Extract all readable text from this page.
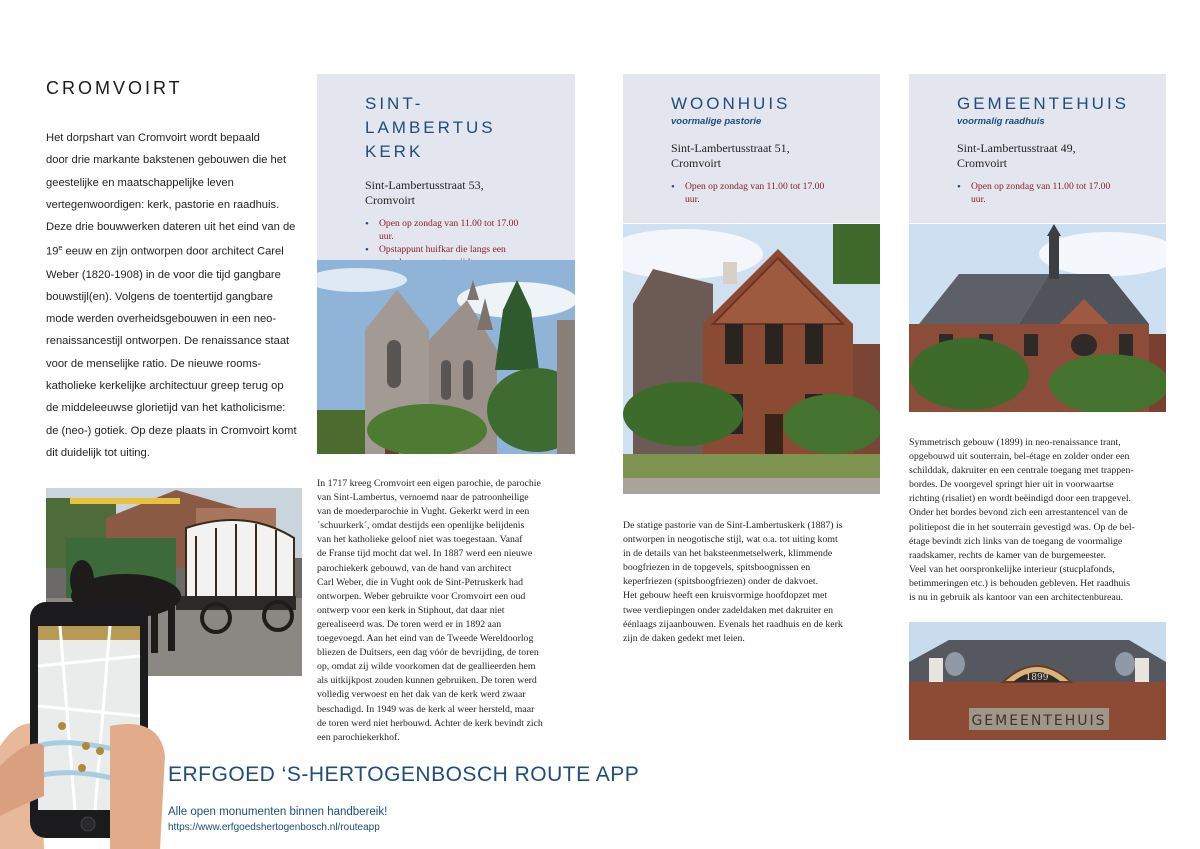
CROMVOIRT
Het dorpshart van Cromvoirt wordt bepaald
door drie markante bakstenen gebouwen die het
geestelijke en maatschappelijke leven
vertegenwoordigen: kerk, pastorie en raadhuis.
Deze drie bouwwerken dateren uit het eind van de
19e eeuw en zijn ontworpen door architect Carel
Weber (1820-1908) in de voor die tijd gangbare
bouwstijl(en). Volgens de toentertijd gangbare
mode werden overheidsgebouwen in een neo-
renaissancestijl ontworpen. De renaissance staat
voor de menselijke ratio. De nieuwe rooms-
katholieke kerkelijke architectuur greep terug op
de middeleeuwse glorietijd van het katholicisme:
de (neo-) gotiek. Op deze plaats in Cromvoirt komt
dit duidelijk tot uiting.
SINT-LAMBERTUS
KERK
Sint-Lambertusstraat 53,
Cromvoirt
• Open op zondag van 11.00 tot 17.00 uur.
• Opstappunt huifkar die langs een
In 1717 kreeg Cromvoirt een eigen parochie, de parochie
van Sint-Lambertus, vernoemd naar de patroonheilige
van de moederparochie in Vught. Gekerkt werd in een
´schuurkerk´, omdat destijds een openlijke belijdenis
van het katholieke geloof niet was toegestaan. Vanaf
de Franse tijd mocht dat wel. In 1887 werd een nieuwe
parochiekerk gebouwd, van de hand van architect
Carl Weber, die in Vught ook de Sint-Petruskerk had
ontworpen. Weber gebruikte voor Cromvoirt een oud
ontwerp voor een kerk in Stiphout, dat daar niet
gerealiseerd was. De toren werd er in 1892 aan
toegevoegd. Aan het eind van de Tweede Wereldoorlog
bliezen de Duitsers, een dag vóór de bevrijding, de toren
op, omdat zij wilde voorkomen dat de geallieerden hem
als uitkijkpost zouden kunnen gebruiken. De toren werd
volledig verwoest en het dak van de kerk werd zwaar
beschadigd. In 1949 was de kerk al weer hersteld, maar
de toren werd niet herbouwd. Achter de kerk bevindt zich
een parochiekerkhof.
WOONHUIS
voormalige pastorie
Sint-Lambertusstraat 51,
Cromvoirt
• Open op zondag van 11.00 tot 17.00 uur.
De statige pastorie van de Sint-Lambertuskerk (1887) is
ontworpen in neogotische stijl, wat o.a. tot uiting komt
in de details van het baksteenmetselwerk, klimmende
boogfriezen in de topgevels, spitsboognissen en
keperfriezen (spitsboogfriezen) onder de dakvoet.
Het gebouw heeft een kruisvormige hoofdopzet met
twee verdiepingen onder zadeldaken met dakruiter en
éénlaags zijaanbouwen. Evenals het raadhuis en de kerk
zijn de daken gedekt met leien.
GEMEENTEHUIS
voormalig raadhuis
Sint-Lambertusstraat 49,
Cromvoirt
• Open op zondag van 11.00 tot 17.00 uur.
Symmetrisch gebouw (1899) in neo-renaissance trant,
opgebouwd uit souterrain, bel-étage en zolder onder een
schilddak, dakruiter en een centrale toegang met trappen-
bordes. De voorgevel springt hier uit in voorwaartse
richting (risaliet) en wordt beëindigd door een trapgevel.
Onder het bordes bevond zich een arrestantencel van de
politiepost die in het souterrain gevestigd was. Op de bel-
étage bevindt zich links van de toegang de voormalige
raadskamer, rechts de kamer van de burgemeester.
Veel van het oorspronkelijke interieur (stucplafonds,
betimmeringen etc.) is behouden gebleven. Het raadhuis
is nu in gebruik als kantoor van een architectenbureau.
1899
GEMEENTEHUIS
ERFGOED ‘S-HERTOGENBOSCH ROUTE APP
Alle open monumenten binnen handbereik!
https://www.erfgoedshertogenbosch.nl/routeapp
